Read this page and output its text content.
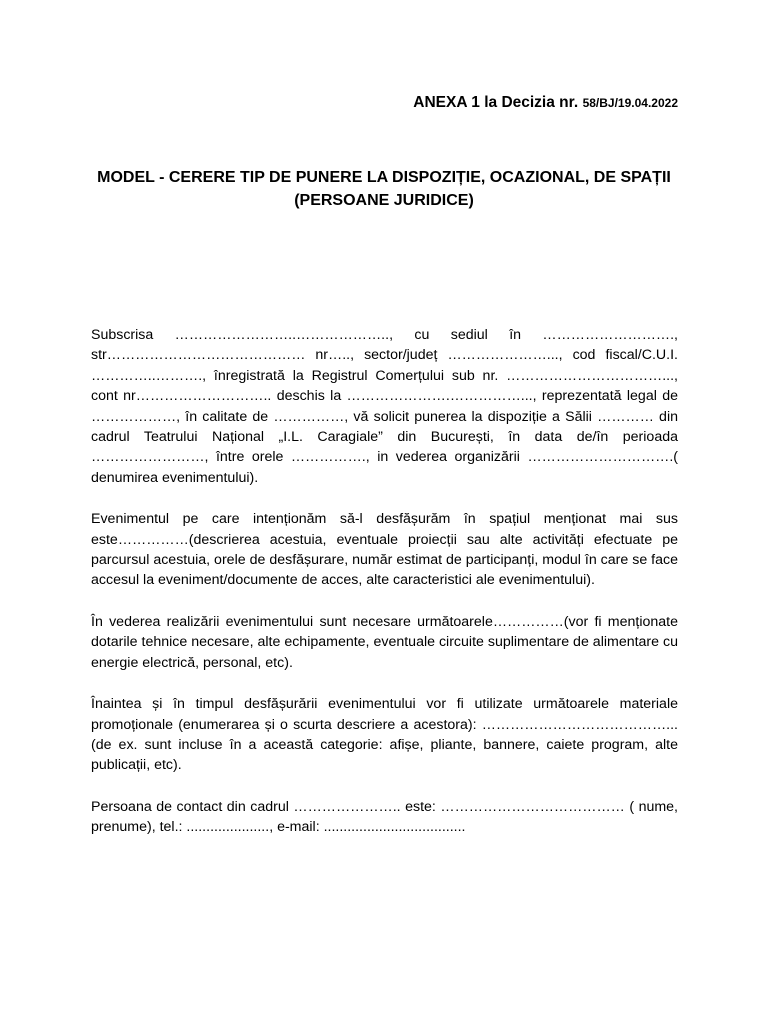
ANEXA 1 la Decizia nr. 58/BJ/19.04.2022
MODEL - CERERE TIP DE PUNERE LA DISPOZIȚIE, OCAZIONAL, DE SPAȚII (PERSOANE JURIDICE)

Subscrisa ……………………..……………….., cu sediul în ………………………., str…………………………………… nr….., sector/județ …………………..., cod fiscal/C.U.I. …………..………., înregistrată la Registrul Comerțului sub nr. ……………………………..., cont nr……………………….. deschis la ………………….……………..., reprezentată legal de ………………, în calitate de ……………, vă solicit punerea la dispoziție a Sălii ………… din cadrul Teatrului Național „I.L. Caragiale” din București, în data de/în perioada ……………………, între orele ……………., in vederea organizării ………………………….( denumirea evenimentului).

Evenimentul pe care intenționăm să-l desfășurăm în spațiul menționat mai sus este……………(descrierea acestuia, eventuale proiecții sau alte activități efectuate pe parcursul acestuia, orele de desfășurare, număr estimat de participanți, modul în care se face accesul la eveniment/documente de acces, alte caracteristici ale evenimentului).

În vederea realizării evenimentului sunt necesare următoarele……………(vor fi menționate dotarile tehnice necesare, alte echipamente, eventuale circuite suplimentare de alimentare cu energie electrică, personal, etc).

Înaintea și în timpul desfășurării evenimentului vor fi utilizate următoarele materiale promoționale (enumerarea și o scurta descriere a acestora): …………………………………... (de ex. sunt incluse în a această categorie: afișe, pliante, bannere, caiete program, alte publicații, etc).

Persoana de contact din cadrul ………………….. este: ………………………………… ( nume, prenume), tel.: ....................., e-mail: ....................................
